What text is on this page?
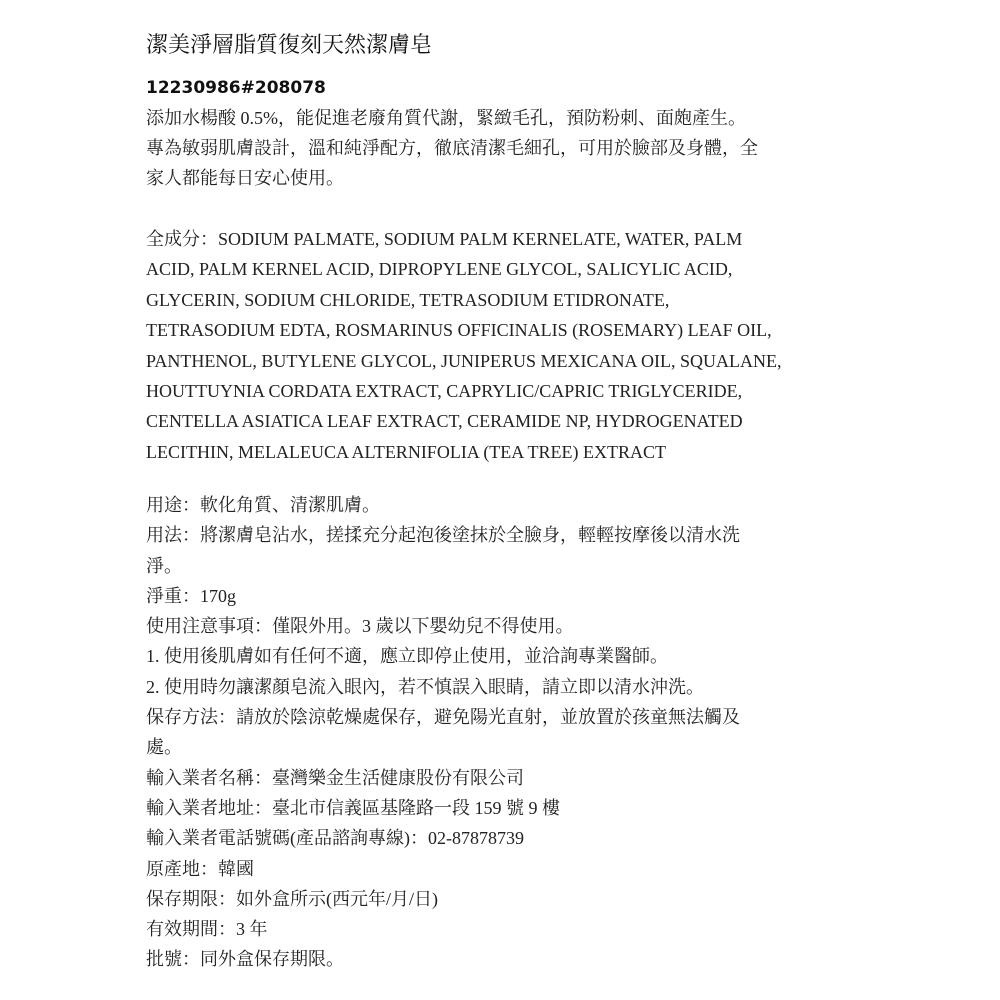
潔美淨層脂質復刻天然潔膚皂
12230986#208078
添加水楊酸 0.5%，能促進老廢角質代謝，緊緻毛孔，預防粉刺、面皰產生。
專為敏弱肌膚設計，溫和純淨配方，徹底清潔毛細孔，可用於臉部及身體，全
家人都能每日安心使用。
全成分：SODIUM PALMATE, SODIUM PALM KERNELATE, WATER, PALM
ACID, PALM KERNEL ACID, DIPROPYLENE GLYCOL, SALICYLIC ACID,
GLYCERIN, SODIUM CHLORIDE, TETRASODIUM ETIDRONATE,
TETRASODIUM EDTA, ROSMARINUS OFFICINALIS (ROSEMARY) LEAF OIL,
PANTHENOL, BUTYLENE GLYCOL, JUNIPERUS MEXICANA OIL, SQUALANE,
HOUTTUYNIA CORDATA EXTRACT, CAPRYLIC/CAPRIC TRIGLYCERIDE,
CENTELLA ASIATICA LEAF EXTRACT, CERAMIDE NP, HYDROGENATED
LECITHIN, MELALEUCA ALTERNIFOLIA (TEA TREE) EXTRACT
用途：軟化角質、清潔肌膚。
用法：將潔膚皂沾水，搓揉充分起泡後塗抹於全臉身，輕輕按摩後以清水洗
淨。
淨重：170g
使用注意事項：僅限外用。3 歲以下嬰幼兒不得使用。
1. 使用後肌膚如有任何不適，應立即停止使用，並洽詢專業醫師。
2. 使用時勿讓潔顏皂流入眼內，若不慎誤入眼睛，請立即以清水沖洗。
保存方法：請放於陰涼乾燥處保存，避免陽光直射，並放置於孩童無法觸及
處。
輸入業者名稱：臺灣樂金生活健康股份有限公司
輸入業者地址：臺北市信義區基隆路一段 159 號 9 樓
輸入業者電話號碼(產品諮詢專線)：02-87878739
原產地：韓國
保存期限：如外盒所示(西元年/月/日)
有效期間：3 年
批號：同外盒保存期限。
